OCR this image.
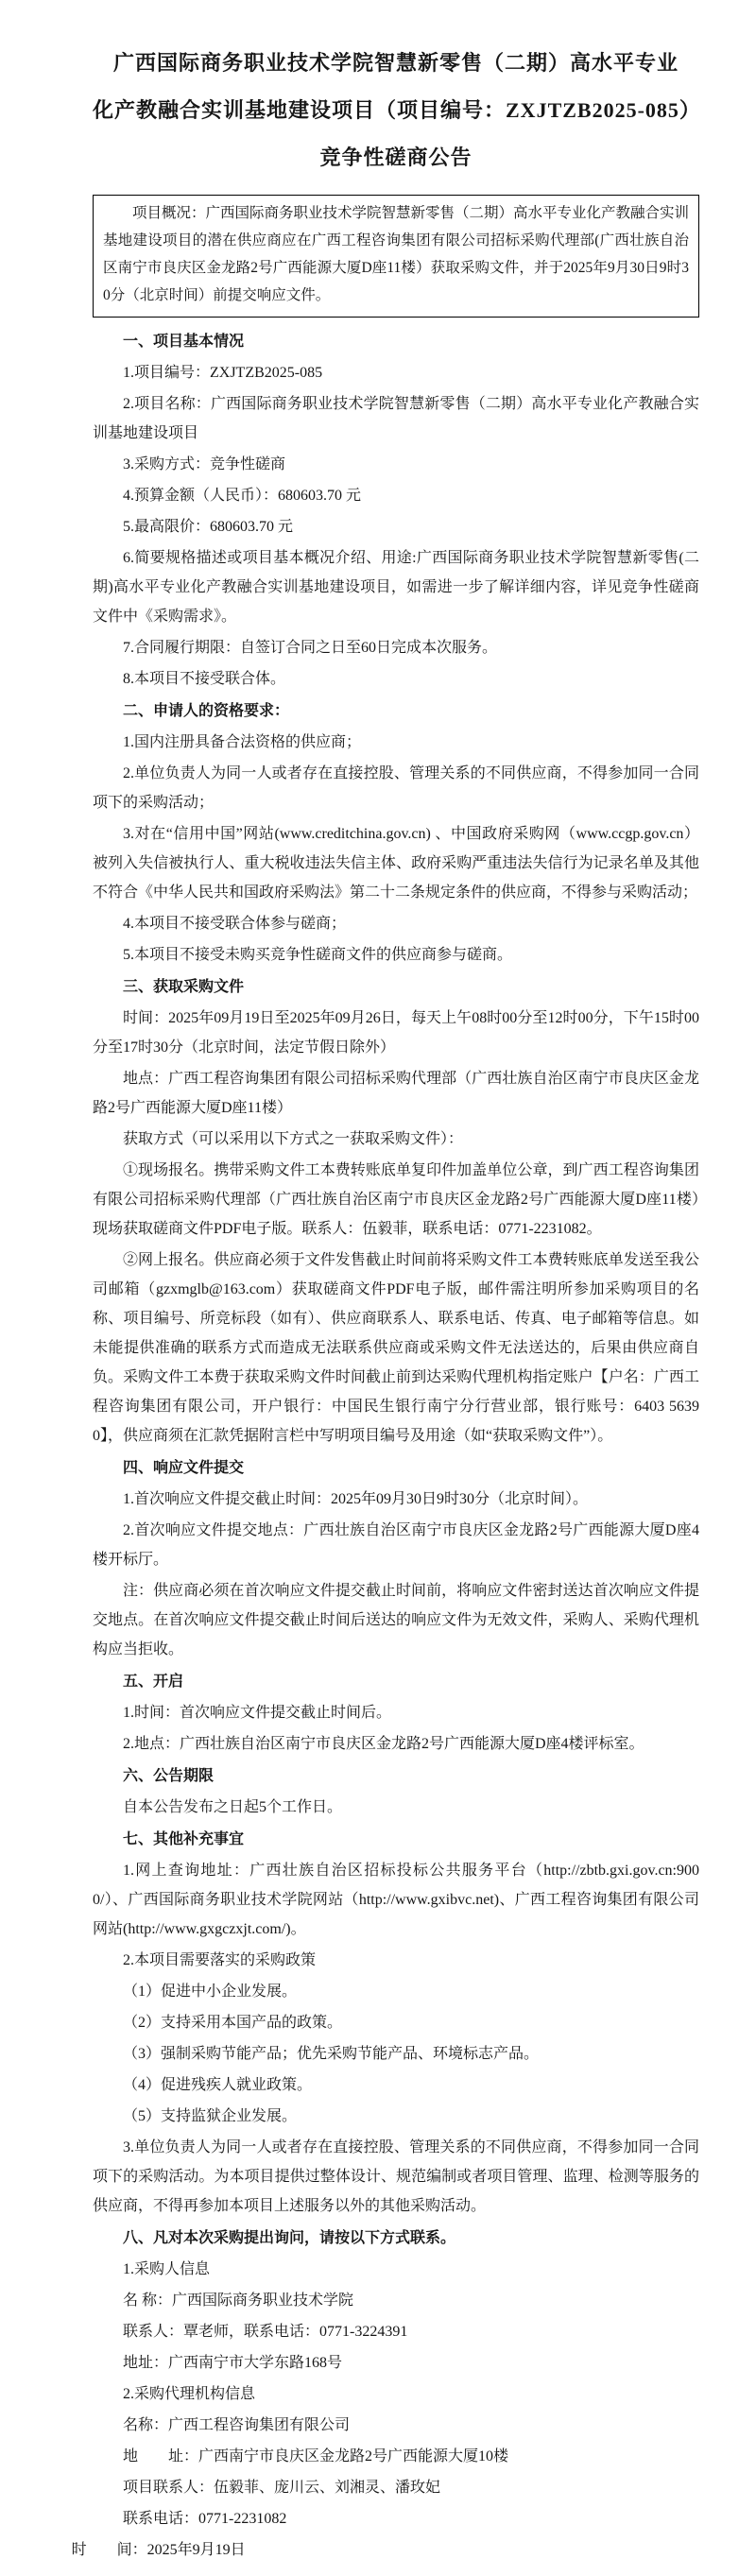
广西国际商务职业技术学院智慧新零售（二期）高水平专业
化产教融合实训基地建设项目（项目编号：ZXJTZB2025-085）
竞争性磋商公告

项目概况：广西国际商务职业技术学院智慧新零售（二期）高水平专业化产教融合实训基地建设项目的潜在供应商应在广西工程咨询集团有限公司招标采购代理部(广西壮族自治区南宁市良庆区金龙路2号广西能源大厦D座11楼）获取采购文件，并于2025年9月30日9时30分（北京时间）前提交响应文件。

一、项目基本情况

1.项目编号：ZXJTZB2025-085

2.项目名称：广西国际商务职业技术学院智慧新零售（二期）高水平专业化产教融合实训基地建设项目

3.采购方式：竞争性磋商

4.预算金额（人民币）：680603.70 元

5.最高限价：680603.70 元

6.简要规格描述或项目基本概况介绍、用途:广西国际商务职业技术学院智慧新零售(二期)高水平专业化产教融合实训基地建设项目，如需进一步了解详细内容，详见竞争性磋商文件中《采购需求》。

7.合同履行期限：自签订合同之日至60日完成本次服务。

8.本项目不接受联合体。

二、申请人的资格要求：

1.国内注册具备合法资格的供应商；

2.单位负责人为同一人或者存在直接控股、管理关系的不同供应商，不得参加同一合同项下的采购活动；

3.对在“信用中国”网站(www.creditchina.gov.cn) 、中国政府采购网（www.ccgp.gov.cn）被列入失信被执行人、重大税收违法失信主体、政府采购严重违法失信行为记录名单及其他不符合《中华人民共和国政府采购法》第二十二条规定条件的供应商，不得参与采购活动；

4.本项目不接受联合体参与磋商；

5.本项目不接受未购买竞争性磋商文件的供应商参与磋商。

三、获取采购文件

时间：2025年09月19日至2025年09月26日，每天上午08时00分至12时00分，下午15时00分至17时30分（北京时间，法定节假日除外）

地点：广西工程咨询集团有限公司招标采购代理部（广西壮族自治区南宁市良庆区金龙路2号广西能源大厦D座11楼）

获取方式（可以采用以下方式之一获取采购文件）：

①现场报名。携带采购文件工本费转账底单复印件加盖单位公章，到广西工程咨询集团有限公司招标采购代理部（广西壮族自治区南宁市良庆区金龙路2号广西能源大厦D座11楼）现场获取磋商文件PDF电子版。联系人：伍毅菲，联系电话：0771-2231082。

②网上报名。供应商必须于文件发售截止时间前将采购文件工本费转账底单发送至我公司邮箱（gzxmglb@163.com）获取磋商文件PDF电子版，邮件需注明所参加采购项目的名称、项目编号、所竞标段（如有）、供应商联系人、联系电话、传真、电子邮箱等信息。如未能提供准确的联系方式而造成无法联系供应商或采购文件无法送达的，后果由供应商自负。采购文件工本费于获取采购文件时间截止前到达采购代理机构指定账户【户名：广西工程咨询集团有限公司，开户银行：中国民生银行南宁分行营业部，银行账号：6403 5639 0】，供应商须在汇款凭据附言栏中写明项目编号及用途（如“获取采购文件”）。

四、响应文件提交

1.首次响应文件提交截止时间：2025年09月30日9时30分（北京时间）。

2.首次响应文件提交地点：广西壮族自治区南宁市良庆区金龙路2号广西能源大厦D座4楼开标厅。

注：供应商必须在首次响应文件提交截止时间前，将响应文件密封送达首次响应文件提交地点。在首次响应文件提交截止时间后送达的响应文件为无效文件，采购人、采购代理机构应当拒收。

五、开启

1.时间：首次响应文件提交截止时间后。

2.地点：广西壮族自治区南宁市良庆区金龙路2号广西能源大厦D座4楼评标室。

六、公告期限

自本公告发布之日起5个工作日。

七、其他补充事宜

1.网上查询地址：广西壮族自治区招标投标公共服务平台（http://zbtb.gxi.gov.cn:9000/）、广西国际商务职业技术学院网站（http://www.gxibvc.net)、广西工程咨询集团有限公司网站(http://www.gxgczxjt.com/)。

2.本项目需要落实的采购政策

（1）促进中小企业发展。

（2）支持采用本国产品的政策。

（3）强制采购节能产品；优先采购节能产品、环境标志产品。

（4）促进残疾人就业政策。

（5）支持监狱企业发展。

3.单位负责人为同一人或者存在直接控股、管理关系的不同供应商，不得参加同一合同项下的采购活动。为本项目提供过整体设计、规范编制或者项目管理、监理、检测等服务的供应商，不得再参加本项目上述服务以外的其他采购活动。

八、凡对本次采购提出询问，请按以下方式联系。

1.采购人信息

名 称：广西国际商务职业技术学院

联系人：覃老师，联系电话：0771-3224391

地址：广西南宁市大学东路168号

2.采购代理机构信息

名称：广西工程咨询集团有限公司

地　　址：广西南宁市良庆区金龙路2号广西能源大厦10楼

项目联系人：伍毅菲、庞川云、刘湘灵、潘玫妃

联系电话：0771-2231082

时　　间：2025年9月19日
